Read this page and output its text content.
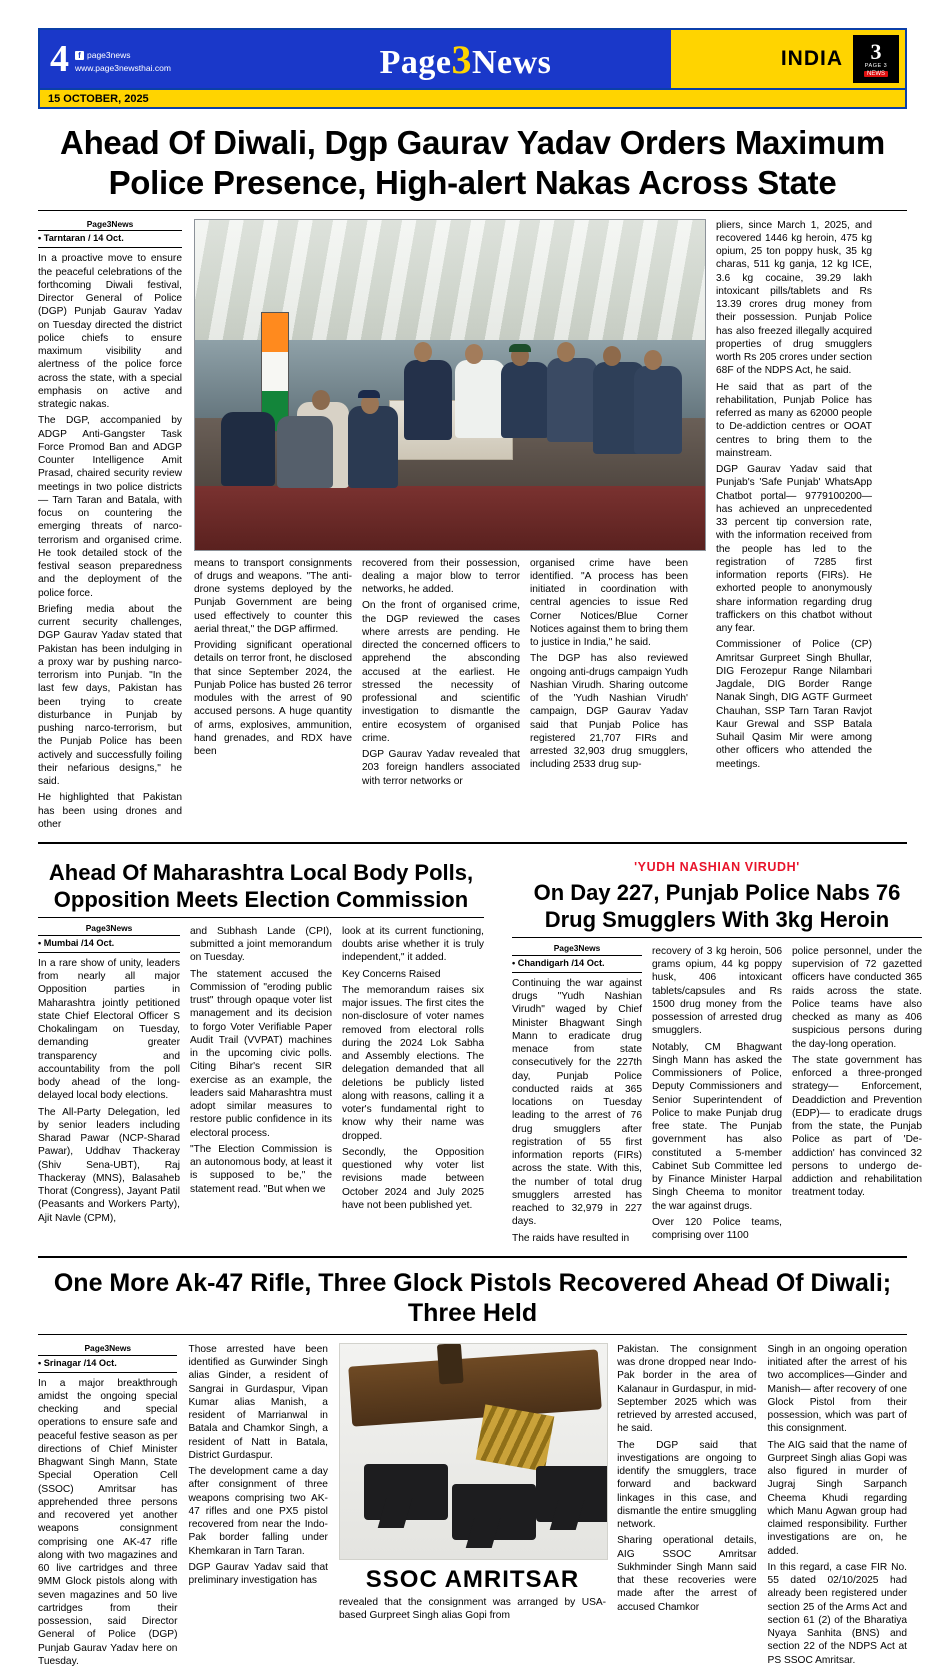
4	f page3news
www.page3newsthai.com	Page3News	INDIA 3
PAGE 3
NEWS
15 OCTOBER, 2025
Ahead Of Diwali, Dgp Gaurav Yadav Orders Maximum Police Presence, High-alert Nakas Across State
Page3News
• Tarntaran / 14 Oct.

In a proactive move to ensure the peaceful celebrations of the forthcoming Diwali festival, Director General of Police (DGP) Punjab Gaurav Yadav on Tuesday directed the district police chiefs to ensure maximum visibility and alertness of the police force across the state, with a special emphasis on active and strategic nakas.

The DGP, accompanied by ADGP Anti-Gangster Task Force Promod Ban and ADGP Counter Intelligence Amit Prasad, chaired security review meetings in two police districts— Tarn Taran and Batala, with focus on countering the emerging threats of narco-terrorism and organised crime. He took detailed stock of the festival season preparedness and the deployment of the police force.

Briefing media about the current security challenges, DGP Gaurav Yadav stated that Pakistan has been indulging in a proxy war by pushing narco-terrorism into Punjab. "In the last few days, Pakistan has been trying to create disturbance in Punjab by pushing narco-terrorism, but the Punjab Police has been actively and successfully foiling their nefarious designs," he said.

He highlighted that Pakistan has been using drones and other

means to transport consignments of drugs and weapons. "The anti-drone systems deployed by the Punjab Government are being used effectively to counter this aerial threat," the DGP affirmed.

Providing significant operational details on terror front, he disclosed that since September 2024, the Punjab Police has busted 26 terror modules with the arrest of 90 accused persons. A huge quantity of arms, explosives, ammunition, hand grenades, and RDX have been

recovered from their possession, dealing a major blow to terror networks, he added.

On the front of organised crime, the DGP reviewed the cases where arrests are pending. He directed the concerned officers to apprehend the absconding accused at the earliest. He stressed the necessity of professional and scientific investigation to dismantle the entire ecosystem of organised crime.

DGP Gaurav Yadav revealed that 203 foreign handlers associated with terror networks or

organised crime have been identified. "A process has been initiated in coordination with central agencies to issue Red Corner Notices/Blue Corner Notices against them to bring them to justice in India," he said.

The DGP has also reviewed ongoing anti-drugs campaign Yudh Nashian Virudh. Sharing outcome of the 'Yudh Nashian Virudh' campaign, DGP Gaurav Yadav said that Punjab Police has registered 21,707 FIRs and arrested 32,903 drug smugglers, including 2533 drug sup-

pliers, since March 1, 2025, and recovered 1446 kg heroin, 475 kg opium, 25 ton poppy husk, 35 kg charas, 511 kg ganja, 12 kg ICE, 3.6 kg cocaine, 39.29 lakh intoxicant pills/tablets and Rs 13.39 crores drug money from their possession. Punjab Police has also freezed illegally acquired properties of drug smugglers worth Rs 205 crores under section 68F of the NDPS Act, he said.

He said that as part of the rehabilitation, Punjab Police has referred as many as 62000 people to De-addiction centres or OOAT centres to bring them to the mainstream.

DGP Gaurav Yadav said that Punjab's 'Safe Punjab' WhatsApp Chatbot portal— 9779100200— has achieved an unprecedented 33 percent tip conversion rate, with the information received from the people has led to the registration of 7285 first information reports (FIRs). He exhorted people to anonymously share information regarding drug traffickers on this chatbot without any fear.

Commissioner of Police (CP) Amritsar Gurpreet Singh Bhullar, DIG Ferozepur Range Nilambari Jagdale, DIG Border Range Nanak Singh, DIG AGTF Gurmeet Chauhan, SSP Tarn Taran Ravjot Kaur Grewal and SSP Batala Suhail Qasim Mir were among other officers who attended the meetings.

Ahead Of Maharashtra Local Body Polls, Opposition Meets Election Commission
Page3News
• Mumbai /14 Oct.

In a rare show of unity, leaders from nearly all major Opposition parties in Maharashtra jointly petitioned state Chief Electoral Officer S Chokalingam on Tuesday, demanding greater transparency and accountability from the poll body ahead of the long-delayed local body elections.

The All-Party Delegation, led by senior leaders including Sharad Pawar (NCP-Sharad Pawar), Uddhav Thackeray (Shiv Sena-UBT), Raj Thackeray (MNS), Balasaheb Thorat (Congress), Jayant Patil (Peasants and Workers Party), Ajit Navle (CPM),

and Subhash Lande (CPI), submitted a joint memorandum on Tuesday.

The statement accused the Commission of "eroding public trust" through opaque voter list management and its decision to forgo Voter Verifiable Paper Audit Trail (VVPAT) machines in the upcoming civic polls. Citing Bihar's recent SIR exercise as an example, the leaders said Maharashtra must adopt similar measures to restore public confidence in its electoral process.

"The Election Commission is an autonomous body, at least it is supposed to be," the statement read. "But when we

look at its current functioning, doubts arise whether it is truly independent," it added.

Key Concerns Raised

The memorandum raises six major issues. The first cites the non-disclosure of voter names removed from electoral rolls during the 2024 Lok Sabha and Assembly elections. The delegation demanded that all deletions be publicly listed along with reasons, calling it a voter's fundamental right to know why their name was dropped.

Secondly, the Opposition questioned why voter list revisions made between October 2024 and July 2025 have not been published yet.

'YUDH NASHIAN VIRUDH'
On Day 227, Punjab Police Nabs 76 Drug Smugglers With 3kg Heroin
Page3News
• Chandigarh /14 Oct.

Continuing the war against drugs "Yudh Nashian Virudh" waged by Chief Minister Bhagwant Singh Mann to eradicate drug menace from state consecutively for the 227th day, Punjab Police conducted raids at 365 locations on Tuesday leading to the arrest of 76 drug smugglers after registration of 55 first information reports (FIRs) across the state. With this, the number of total drug smugglers arrested has reached to 32,979 in 227 days.

The raids have resulted in

recovery of 3 kg heroin, 506 grams opium, 44 kg poppy husk, 406 intoxicant tablets/capsules and Rs 1500 drug money from the possession of arrested drug smugglers.

Notably, CM Bhagwant Singh Mann has asked the Commissioners of Police, Deputy Commissioners and Senior Superintendent of Police to make Punjab drug free state. The Punjab government has also constituted a 5-member Cabinet Sub Committee led by Finance Minister Harpal Singh Cheema to monitor the war against drugs.

Over 120 Police teams, comprising over 1100

police personnel, under the supervision of 72 gazetted officers have conducted 365 raids across the state. Police teams have also checked as many as 406 suspicious persons during the day-long operation.

The state government has enforced a three-pronged strategy— Enforcement, Deaddiction and Prevention (EDP)— to eradicate drugs from the state, the Punjab Police as part of 'De-addiction' has convinced 32 persons to undergo de-addiction and rehabilitation treatment today.

One More Ak-47 Rifle, Three Glock Pistols Recovered Ahead Of Diwali; Three Held
Page3News
• Srinagar /14 Oct.

In a major breakthrough amidst the ongoing special checking and special operations to ensure safe and peaceful festive season as per directions of Chief Minister Bhagwant Singh Mann, State Special Operation Cell (SSOC) Amritsar has apprehended three persons and recovered yet another weapons consignment comprising one AK-47 rifle along with two magazines and 60 live cartridges and three 9MM Glock pistols along with seven magazines and 50 live cartridges from their possession, said Director General of Police (DGP) Punjab Gaurav Yadav here on Tuesday.

Those arrested have been identified as Gurwinder Singh alias Ginder, a resident of Sangrai in Gurdaspur, Vipan Kumar alias Manish, a resident of Marrianwal in Batala and Chamkor Singh, a resident of Natt in Batala, District Gurdaspur.

The development came a day after consignment of three weapons comprising two AK-47 rifles and one PX5 pistol recovered from near the Indo-Pak border falling under Khemkaran in Tarn Taran.

DGP Gaurav Yadav said that preliminary investigation has	SSOC AMRITSAR
revealed that the consignment was arranged by USA-based Gurpreet Singh alias Gopi from

Pakistan. The consignment was drone dropped near Indo-Pak border in the area of Kalanaur in Gurdaspur, in mid-September 2025 which was retrieved by arrested accused, he said.

The DGP said that investigations are ongoing to identify the smugglers, trace forward and backward linkages in this case, and dismantle the entire smuggling network.

Sharing operational details, AIG SSOC Amritsar Sukhminder Singh Mann said that these recoveries were made after the arrest of accused Chamkor

Singh in an ongoing operation initiated after the arrest of his two accomplices—Ginder and Manish— after recovery of one Glock Pistol from their possession, which was part of this consignment.

The AIG said that the name of Gurpreet Singh alias Gopi was also figured in murder of Jugraj Singh Sarpanch Cheema Khudi regarding which Manu Agwan group had claimed responsibility. Further investigations are on, he added.

In this regard, a case FIR No. 55 dated 02/10/2025 had already been registered under section 25 of the Arms Act and section 61 (2) of the Bharatiya Nyaya Sanhita (BNS) and section 22 of the NDPS Act at PS SSOC Amritsar.
